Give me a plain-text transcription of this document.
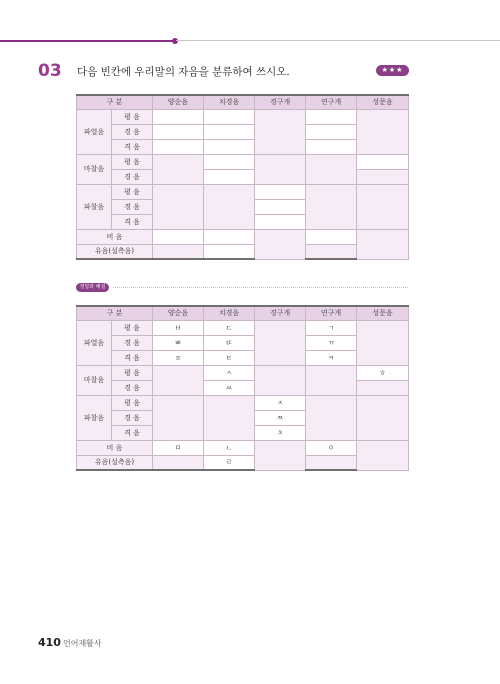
03 다음 빈칸에 우리말의 자음을 분류하여 쓰시오.	★★★
구 분		양순음	치경음	경구개	연구개	성문음
파열음	평 음					
	경 음					
	격 음					
마찰음	평 음					
	경 음					
파찰음	평 음					
	경 음					
	격 음					
비 음						
유음(설측음)						
정답과 해설
구 분		양순음	치경음	경구개	연구개	성문음
파열음	평 음	ㅂ	ㄷ		ㄱ	
	경 음	ㅃ	ㄸ		ㄲ	
	격 음	ㅍ	ㅌ		ㅋ	
마찰음	평 음		ㅅ			ㅎ
	경 음		ㅆ			
파찰음	평 음			ㅈ		
	경 음			ㅉ		
	격 음			ㅊ		
비 음		ㅁ	ㄴ		ㅇ	
유음(설측음)			ㄹ			
410 언어재활사
